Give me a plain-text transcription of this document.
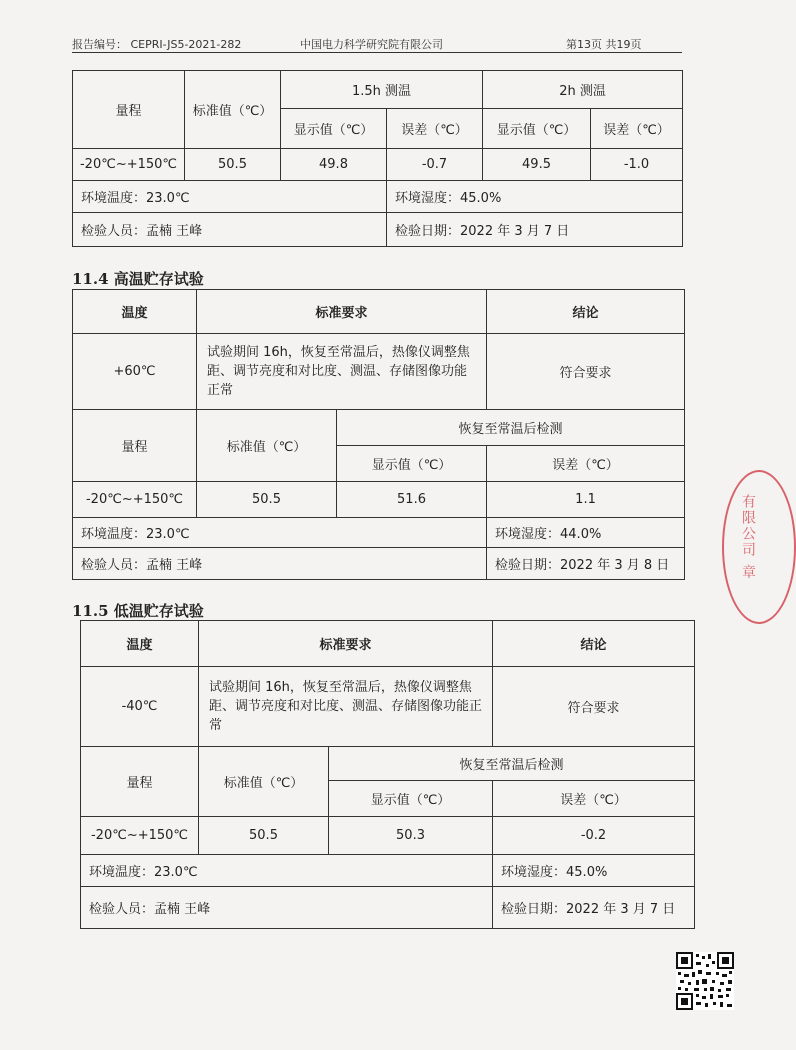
报告编号： CEPRI-JS5-2021-282	中国电力科学研究院有限公司	第13页 共19页
量程	标准值（℃）	1.5h 测温		2h 测温	
		显示值（℃）	误差（℃）	显示值（℃）	误差（℃）
-20℃~+150℃	50.5	49.8	-0.7	49.5	-1.0
环境温度：23.0℃			环境湿度：45.0%		
检验人员：孟楠 王峰			检验日期：2022 年 3 月 7 日		
11.4 高温贮存试验
温度	标准要求		结论
+60℃	试验期间 16h，恢复至常温后，热像仪调整焦距、调节亮度和对比度、测温、存储图像功能正常		符合要求
量程	标准值（℃）	恢复至常温后检测	
		显示值（℃）	误差（℃）
-20℃~+150℃	50.5	51.6	1.1
环境温度：23.0℃			环境湿度：44.0%
检验人员：孟楠 王峰			检验日期：2022 年 3 月 8 日
11.5 低温贮存试验
温度	标准要求		结论
-40℃	试验期间 16h，恢复至常温后，热像仪调整焦距、调节亮度和对比度、测温、存储图像功能正常		符合要求
量程	标准值（℃）	恢复至常温后检测	
		显示值（℃）	误差（℃）
-20℃~+150℃	50.5	50.3	-0.2
环境温度：23.0℃			环境湿度：45.0%
检验人员：孟楠 王峰			检验日期：2022 年 3 月 7 日
有限公司 章
